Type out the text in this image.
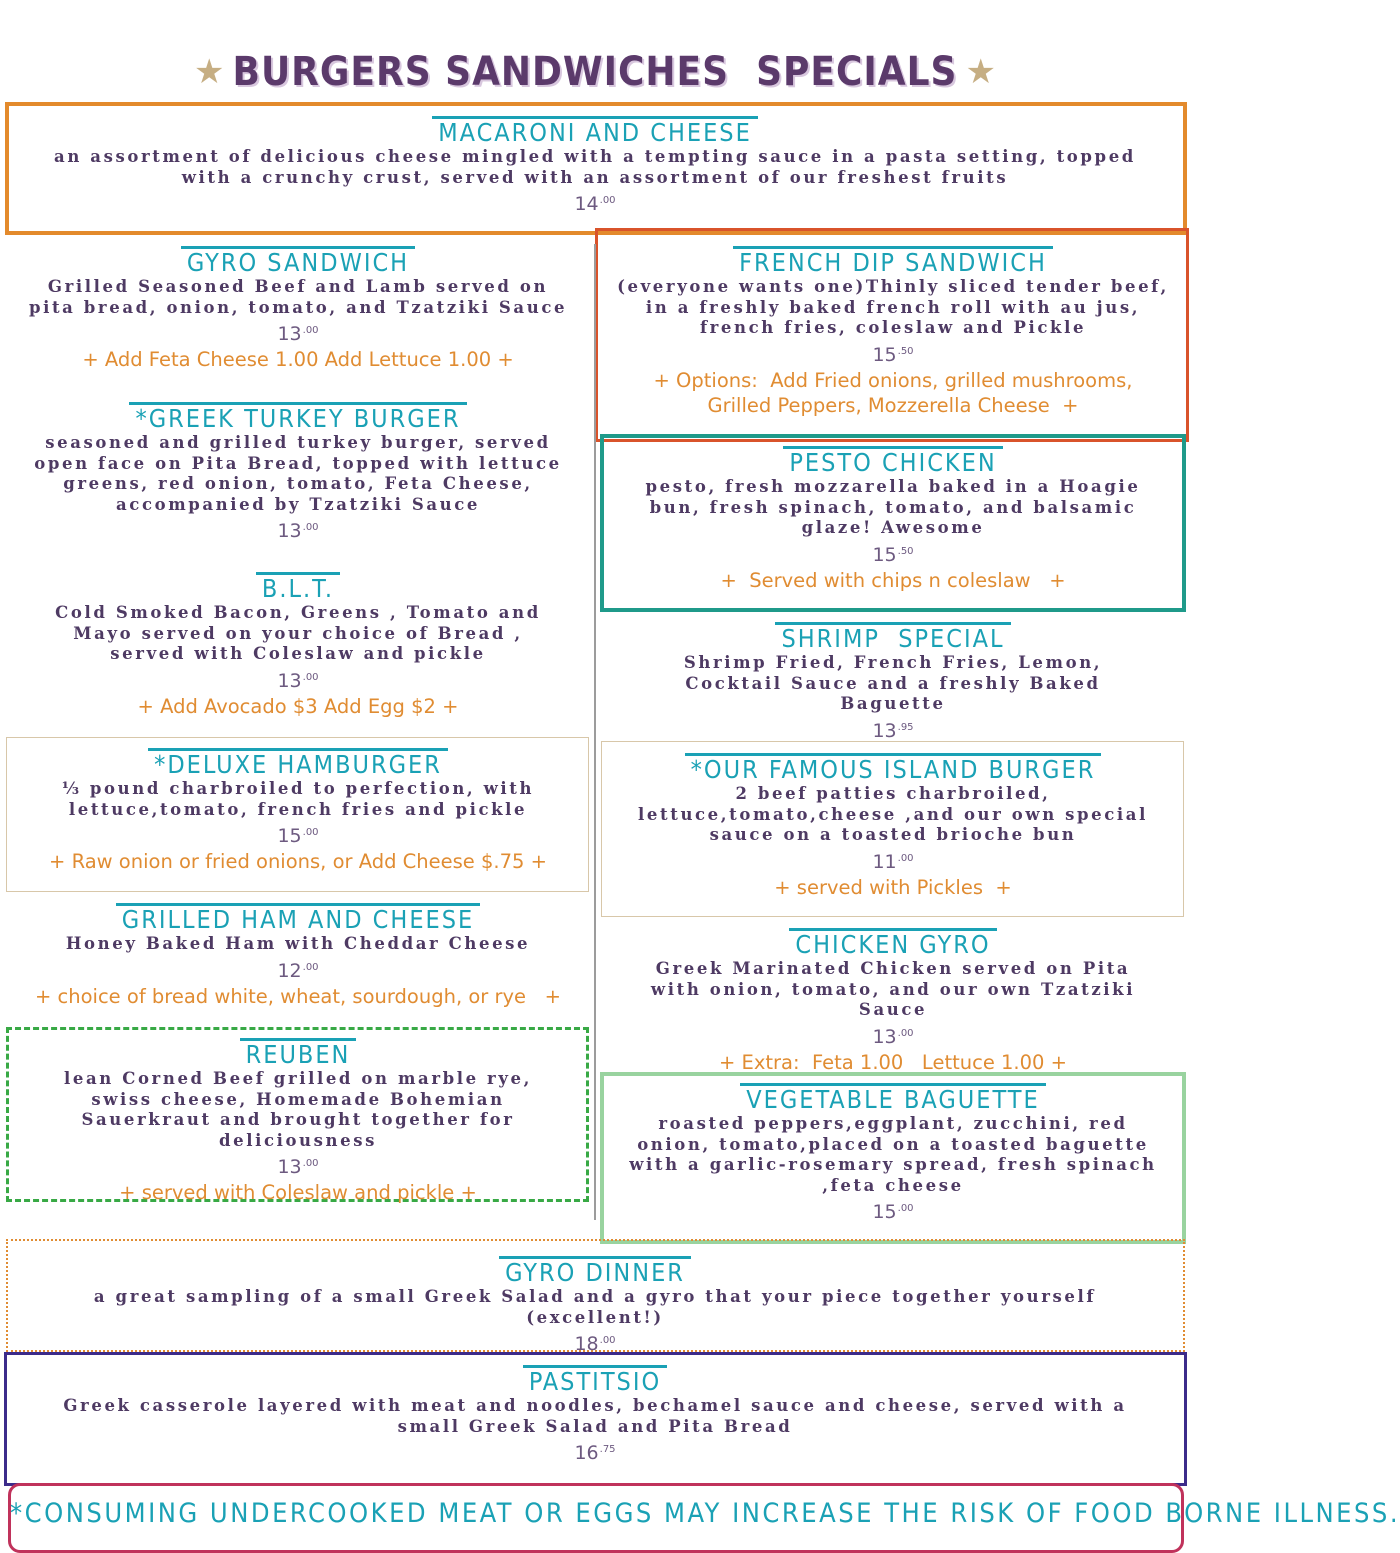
★ BURGERS SANDWICHES  SPECIALS ★
MACARONI AND CHEESE
an assortment of delicious cheese mingled with a tempting sauce in a pasta setting, topped with a crunchy crust, served with an assortment of our freshest fruits
$14^{.00}$
GYRO SANDWICH
Grilled Seasoned Beef and Lamb served on pita bread, onion, tomato, and Tzatziki Sauce
$13^{.00}$
+ Add Feta Cheese 1.00 Add Lettuce 1.00 +
*GREEK TURKEY BURGER
seasoned and grilled turkey burger, served open face on Pita Bread, topped with lettuce greens, red onion, tomato, Feta Cheese, accompanied by Tzatziki Sauce
$13^{.00}$
B.L.T.
Cold Smoked Bacon, Greens , Tomato and Mayo served on your choice of Bread , served with Coleslaw and pickle
$13^{.00}$
+ Add Avocado $3 Add Egg $2 +
*DELUXE HAMBURGER
⅓ pound charbroiled to perfection, with lettuce,tomato, french fries and pickle
$15^{.00}$
+ Raw onion or fried onions, or Add Cheese $.75 +
GRILLED HAM AND CHEESE
Honey Baked Ham with Cheddar Cheese
$12^{.00}$
+ choice of bread white, wheat, sourdough, or rye   +
REUBEN
lean Corned Beef grilled on marble rye, swiss cheese, Homemade Bohemian Sauerkraut and brought together for deliciousness
$13^{.00}$
+ served with Coleslaw and pickle +
FRENCH DIP SANDWICH
(everyone wants one)Thinly sliced tender beef, in a freshly baked french roll with au jus, french fries, coleslaw and Pickle
$15^{.50}$
+ Options:  Add Fried onions, grilled mushrooms,
Grilled Peppers, Mozzerella Cheese  +
PESTO CHICKEN
pesto, fresh mozzarella baked in a Hoagie bun, fresh spinach, tomato, and balsamic glaze! Awesome
$15^{.50}$
+  Served with chips n coleslaw   +
SHRIMP  SPECIAL
Shrimp Fried, French Fries, Lemon, Cocktail Sauce and a freshly Baked Baguette
$13^{.95}$
*OUR FAMOUS ISLAND BURGER
2 beef patties charbroiled, lettuce,tomato,cheese ,and our own special sauce on a toasted brioche bun
$11^{.00}$
+ served with Pickles  +
CHICKEN GYRO
Greek Marinated Chicken served on Pita with onion, tomato, and our own Tzatziki Sauce
$13^{.00}$
+ Extra:  Feta 1.00   Lettuce 1.00 +
VEGETABLE BAGUETTE
roasted peppers,eggplant, zucchini, red onion, tomato,placed on a toasted baguette with a garlic-rosemary spread, fresh spinach ,feta cheese
$15^{.00}$
GYRO DINNER
a great sampling of a small Greek Salad and a gyro that your piece together yourself (excellent!)
$18^{.00}$
PASTITSIO
Greek casserole layered with meat and noodles, bechamel sauce and cheese, served with a small Greek Salad and Pita Bread
$16^{.75}$
*CONSUMING UNDERCOOKED MEAT OR EGGS MAY INCREASE THE RISK OF FOOD BORNE ILLNESS.
